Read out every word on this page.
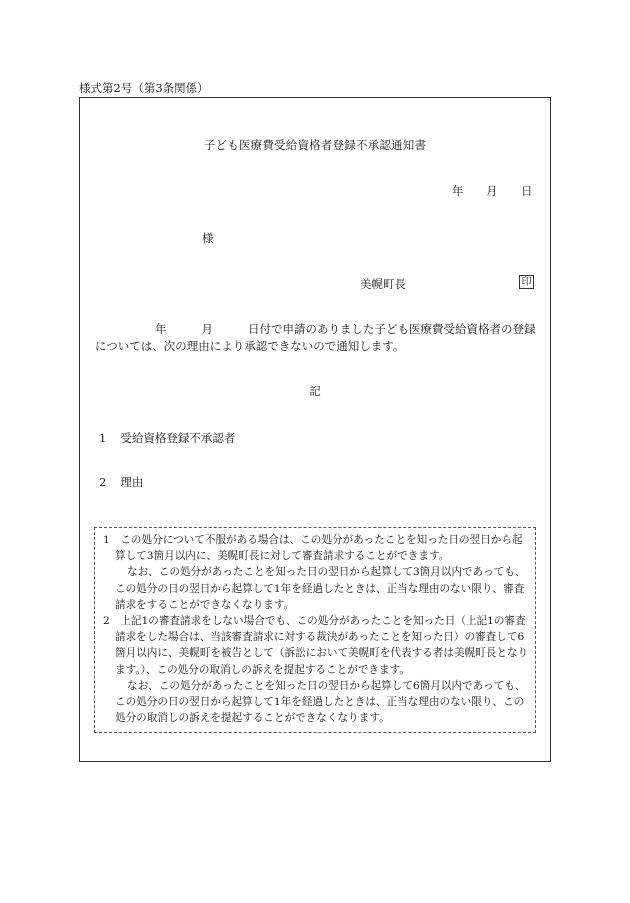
様式第2号（第3条関係）
子ども医療費受給資格者登録不承認通知書
年 月 日
様
美幌町長	印
年	月	日付で申請のありました子ども医療費受給資格者の登録
については、次の理由により承認できないので通知します。
記
1 受給資格登録不承認者
2 理由

1　この処分について不服がある場合は、この処分があったことを知った日の翌日から起算して3箇月以内に、美幌町長に対して審査請求することができます。

なお、この処分があったことを知った日の翌日から起算して3箇月以内であっても、この処分の日の翌日から起算して1年を経過したときは、正当な理由のない限り、審査請求をすることができなくなります。

2　上記1の審査請求をしない場合でも、この処分があったことを知った日（上記1の審査請求をした場合は、当該審査請求に対する裁決があったことを知った日）の審査して6箇月以内に、美幌町を被告として（訴訟において美幌町を代表する者は美幌町長となります。）、この処分の取消しの訴えを提起することができます。

なお、この処分があったことを知った日の翌日から起算して6箇月以内であっても、この処分の日の翌日から起算して1年を経過したときは、正当な理由のない限り、この処分の取消しの訴えを提起することができなくなります。
